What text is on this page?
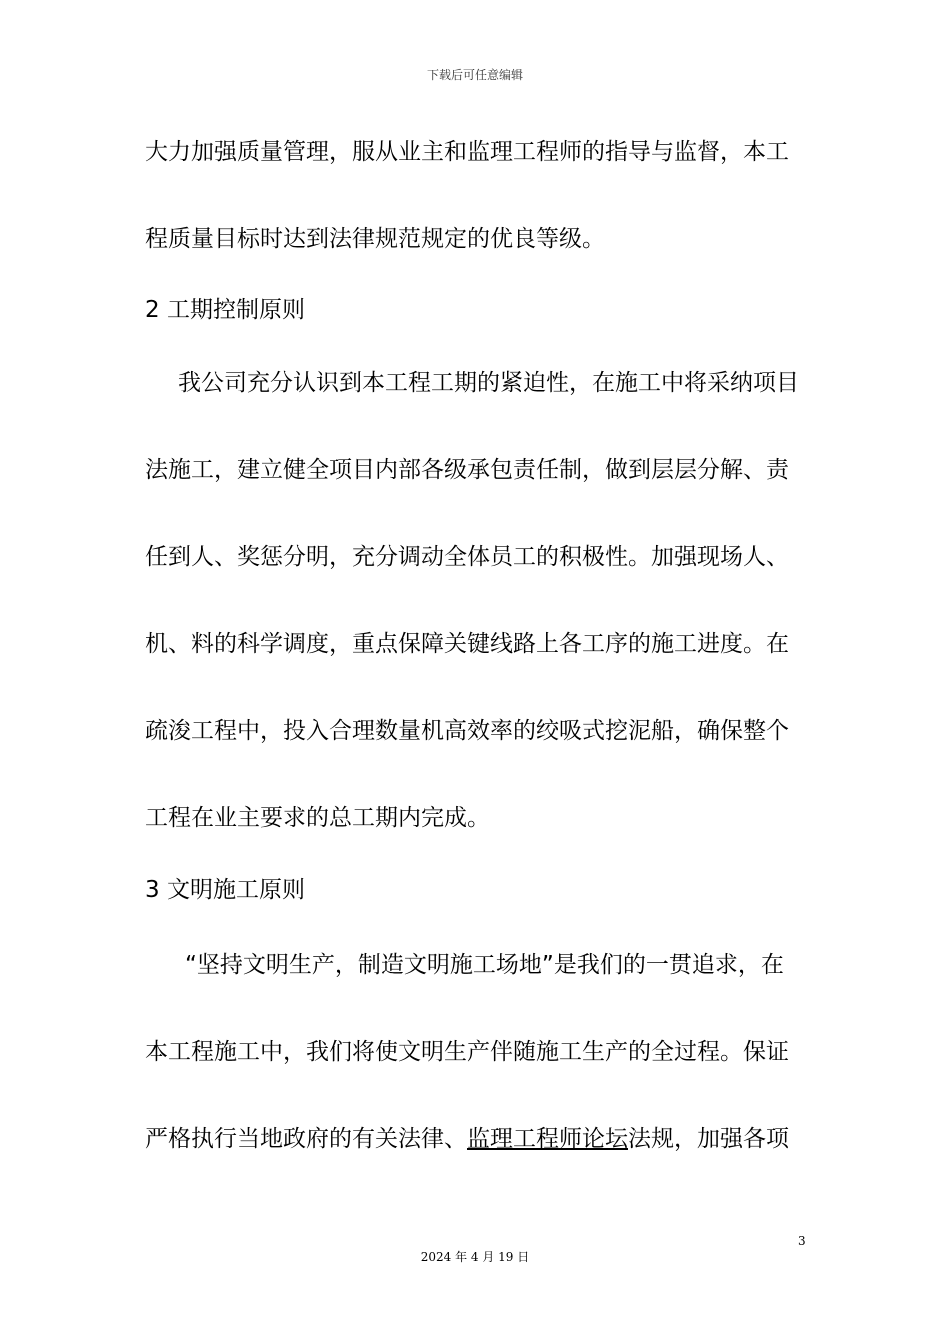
下载后可任意编辑
大力加强质量管理，服从业主和监理工程师的指导与监督，本工
程质量目标时达到法律规范规定的优良等级。
2 工期控制原则
我公司充分认识到本工程工期的紧迫性，在施工中将采纳项目
法施工，建立健全项目内部各级承包责任制，做到层层分解、责
任到人、奖惩分明，充分调动全体员工的积极性。加强现场人、
机、料的科学调度，重点保障关键线路上各工序的施工进度。在
疏浚工程中，投入合理数量机高效率的绞吸式挖泥船，确保整个
工程在业主要求的总工期内完成。
3 文明施工原则
“坚持文明生产，制造文明施工场地”是我们的一贯追求，在
本工程施工中，我们将使文明生产伴随施工生产的全过程。保证
严格执行当地政府的有关法律、监理工程师论坛法规，加强各项
3
2024 年 4 月 19 日
